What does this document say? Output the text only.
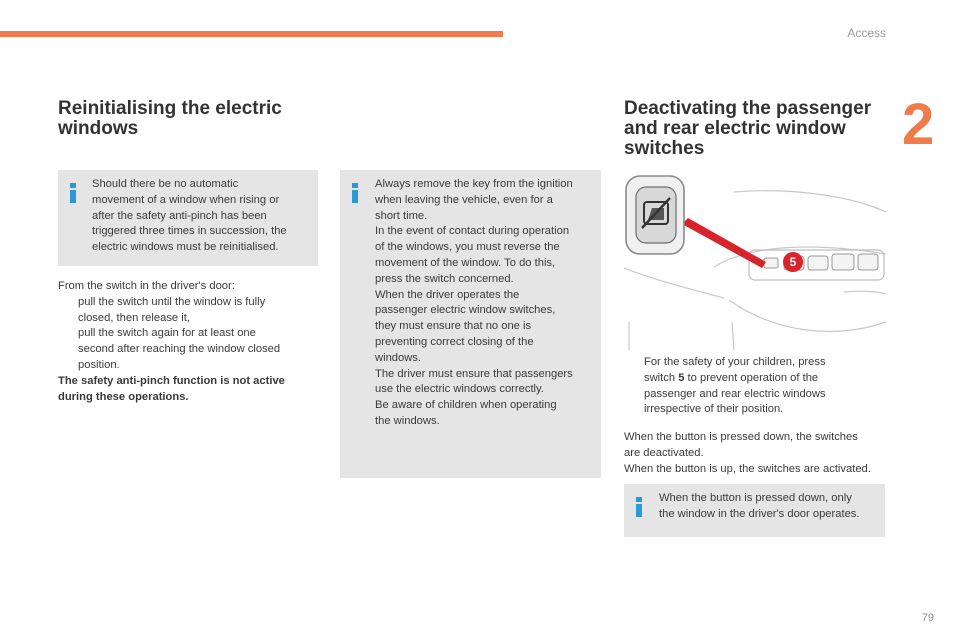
Access
2
Reinitialising the electric
windows

Should there be no automatic

movement of a window when rising or

after the safety anti-pinch has been

triggered three times in succession, the

electric windows must be reinitialised.

From the switch in the driver's door:

pull the switch until the window is fully

closed, then release it,

pull the switch again for at least one

second after reaching the window closed

position.

The safety anti-pinch function is not active

during these operations.

Always remove the key from the ignition

when leaving the vehicle, even for a

short time.

In the event of contact during operation

of the windows, you must reverse the

movement of the window. To do this,

press the switch concerned.

When the driver operates the

passenger electric window switches,

they must ensure that no one is

preventing correct closing of the

windows.

The driver must ensure that passengers

use the electric windows correctly.

Be aware of children when operating

the windows.

Deactivating the passenger
and rear electric window
switches
5

For the safety of your children, press

switch 5 to prevent operation of the

passenger and rear electric windows

irrespective of their position.

When the button is pressed down, the switches

are deactivated.

When the button is up, the switches are activated.

When the button is pressed down, only

the window in the driver's door operates.

79
